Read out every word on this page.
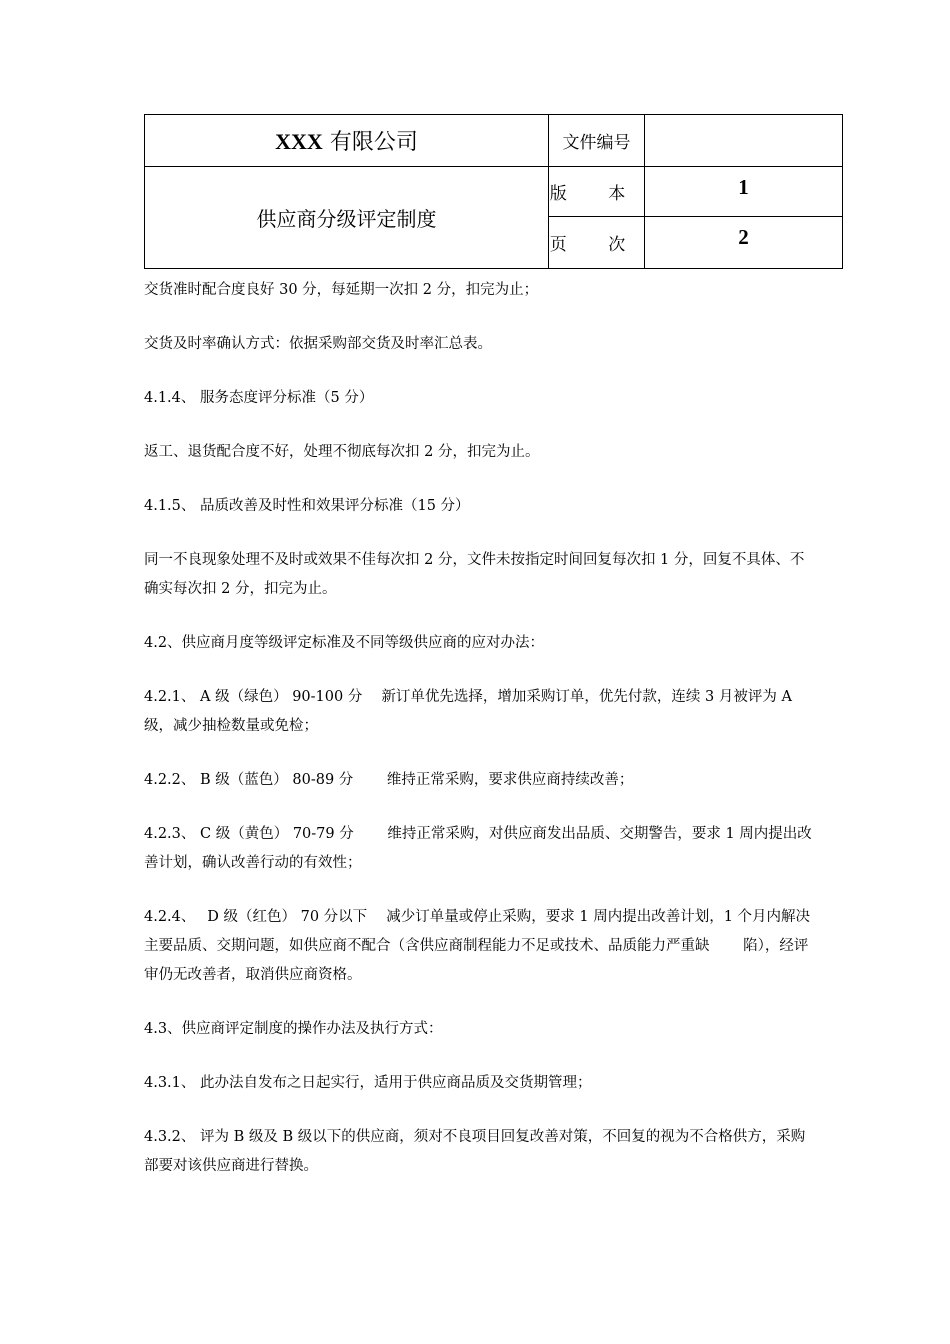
XXX 有限公司	文件编号	
供应商分级评定制度	版 本	1
	页 次	2

交货准时配合度良好 30 分，每延期一次扣 2 分，扣完为止；

交货及时率确认方式：依据采购部交货及时率汇总表。

4.1.4、 服务态度评分标准（5 分）

返工、退货配合度不好，处理不彻底每次扣 2 分，扣完为止。

4.1.5、 品质改善及时性和效果评分标准（15 分）

同一不良现象处理不及时或效果不佳每次扣 2 分，文件未按指定时间回复每次扣 1 分，回复不具体、不确实每次扣 2 分，扣完为止。

4.2、供应商月度等级评定标准及不同等级供应商的应对办法：

4.2.1、 A 级（绿色） 90-100 分　 新订单优先选择，增加采购订单，优先付款，连续 3 月被评为 A 级，减少抽检数量或免检；

4.2.2、 B 级（蓝色） 80-89 分　　 维持正常采购，要求供应商持续改善；

4.2.3、 C 级（黄色） 70-79 分　　 维持正常采购，对供应商发出品质、交期警告，要求 1 周内提出改善计划，确认改善行动的有效性；

4.2.4、　 D 级（红色） 70 分以下　 减少订单量或停止采购，要求 1 周内提出改善计划，1 个月内解决主要品质、交期问题，如供应商不配合（含供应商制程能力不足或技术、品质能力严重缺　　 陷），经评审仍无改善者，取消供应商资格。

4.3、供应商评定制度的操作办法及执行方式：

4.3.1、 此办法自发布之日起实行，适用于供应商品质及交货期管理；

4.3.2、 评为 B 级及 B 级以下的供应商，须对不良项目回复改善对策，不回复的视为不合格供方，采购部要对该供应商进行替换。
